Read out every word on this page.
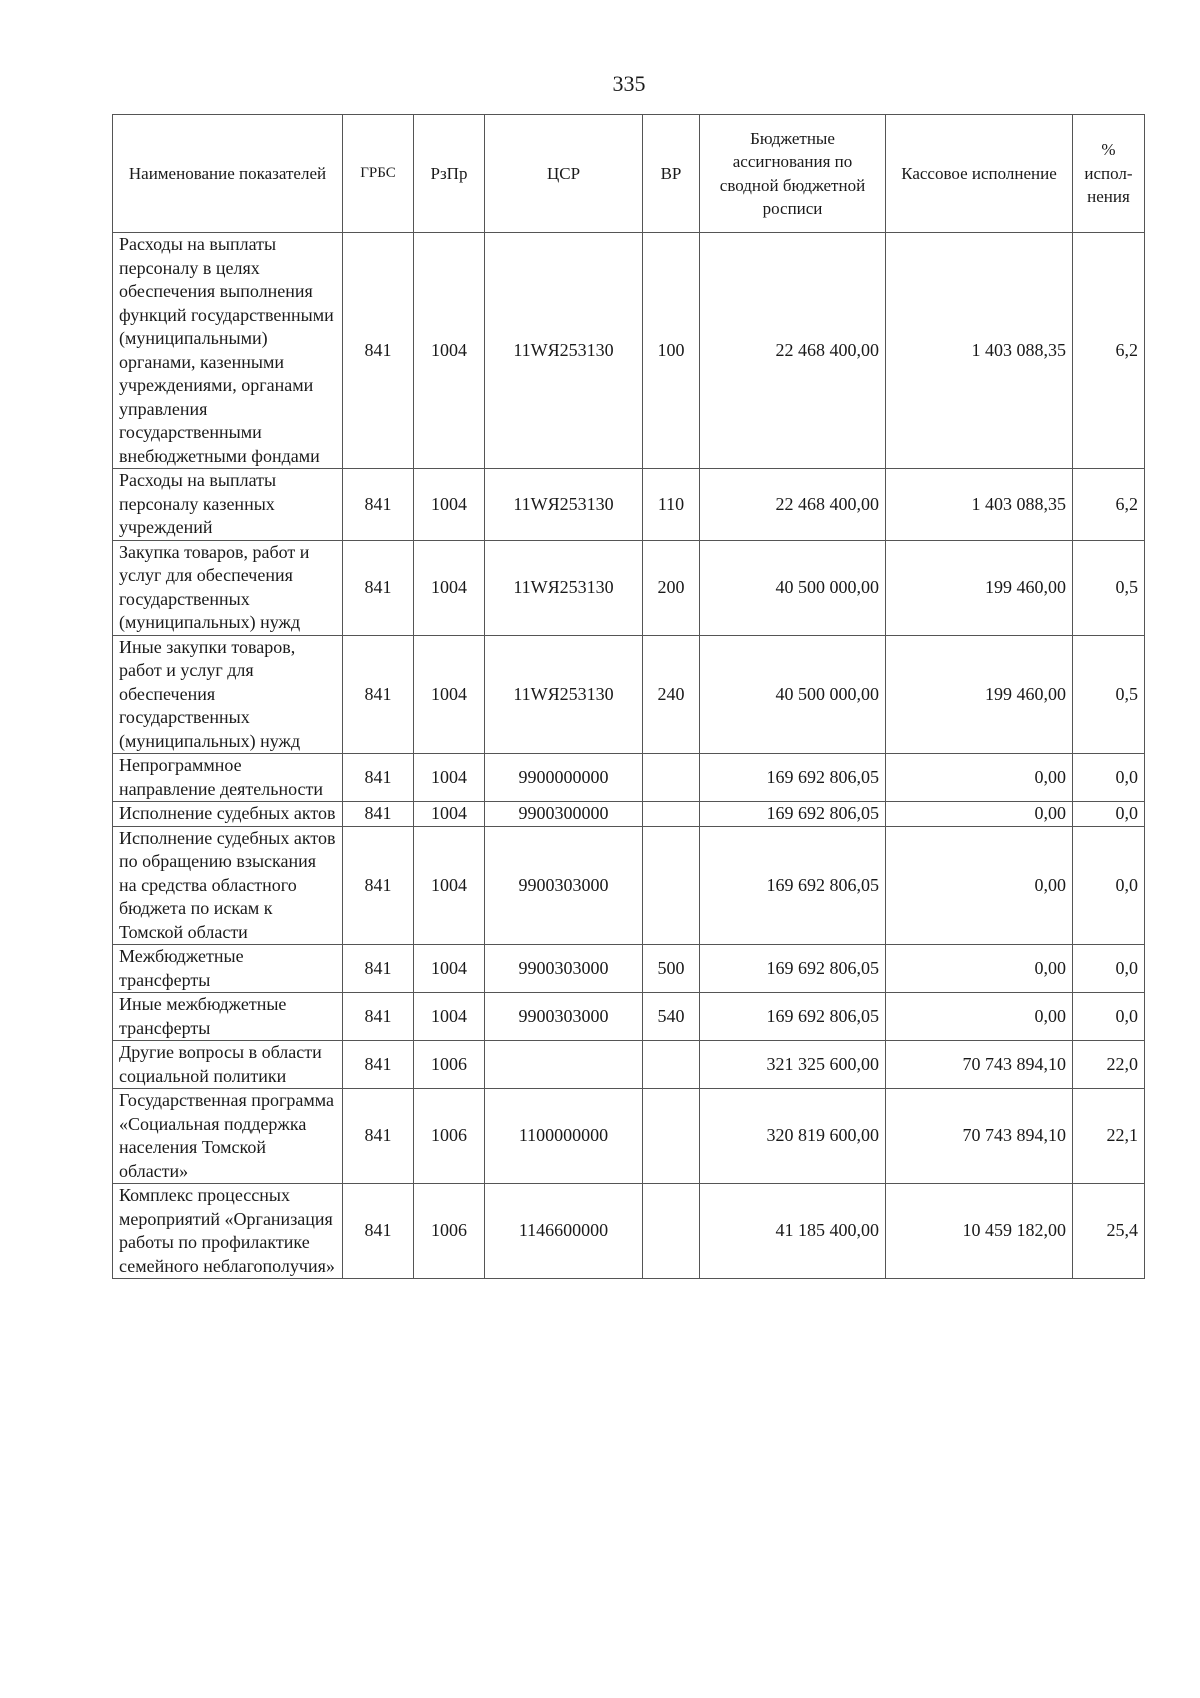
335
Наименование показателей	ГРБС	РзПр	ЦСР	ВР	Бюджетные ассигнования по сводной бюджетной росписи	Кассовое исполнение	% испол-нения
Расходы на выплаты персоналу в целях обеспечения выполнения функций государственными (муниципальными) органами, казенными учреждениями, органами управления государственными внебюджетными фондами	841	1004	11WЯ253130	100	22 468 400,00	1 403 088,35	6,2
Расходы на выплаты персоналу казенных учреждений	841	1004	11WЯ253130	110	22 468 400,00	1 403 088,35	6,2
Закупка товаров, работ и услуг для обеспечения государственных (муниципальных) нужд	841	1004	11WЯ253130	200	40 500 000,00	199 460,00	0,5
Иные закупки товаров, работ и услуг для обеспечения государственных (муниципальных) нужд	841	1004	11WЯ253130	240	40 500 000,00	199 460,00	0,5
Непрограммное направление деятельности	841	1004	9900000000		169 692 806,05	0,00	0,0
Исполнение судебных актов	841	1004	9900300000		169 692 806,05	0,00	0,0
Исполнение судебных актов по обращению взыскания на средства областного бюджета по искам к Томской области	841	1004	9900303000		169 692 806,05	0,00	0,0
Межбюджетные трансферты	841	1004	9900303000	500	169 692 806,05	0,00	0,0
Иные межбюджетные трансферты	841	1004	9900303000	540	169 692 806,05	0,00	0,0
Другие вопросы в области социальной политики	841	1006			321 325 600,00	70 743 894,10	22,0
Государственная программа «Социальная поддержка населения Томской области»	841	1006	1100000000		320 819 600,00	70 743 894,10	22,1
Комплекс процессных мероприятий «Организация работы по профилактике семейного неблагополучия»	841	1006	1146600000		41 185 400,00	10 459 182,00	25,4
